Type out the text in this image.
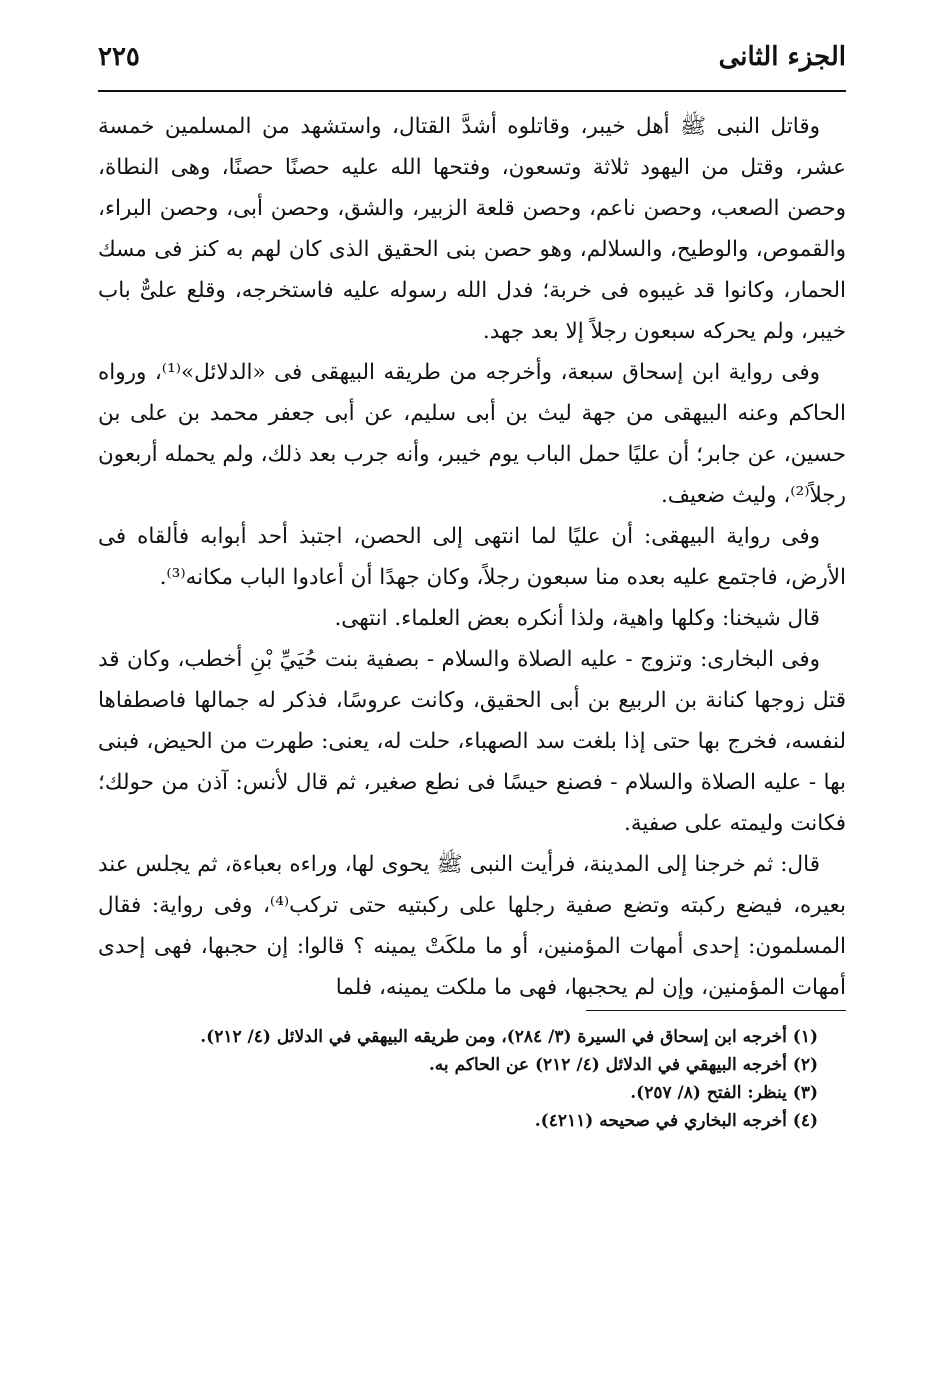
الجزء الثانى
٢٢٥

وقاتل النبى ﷺ أهل خيبر، وقاتلوه أشدَّ القتال، واستشهد من المسلمين خمسة عشر، وقتل من اليهود ثلاثة وتسعون، وفتحها الله عليه حصنًا حصنًا، وهى النطاة، وحصن الصعب، وحصن ناعم، وحصن قلعة الزبير، والشق، وحصن أبى، وحصن البراء، والقموص، والوطيح، والسلالم، وهو حصن بنى الحقيق الذى كان لهم به كنز فى مسك الحمار، وكانوا قد غيبوه فى خربة؛ فدل الله رسوله عليه فاستخرجه، وقلع علىٌّ باب خيبر، ولم يحركه سبعون رجلاً إلا بعد جهد.

وفى رواية ابن إسحاق سبعة، وأخرجه من طريقه البيهقى فى «الدلائل»⁽¹⁾، ورواه الحاكم وعنه البيهقى من جهة ليث بن أبى سليم، عن أبى جعفر محمد بن على بن حسين، عن جابر؛ أن عليًا حمل الباب يوم خيبر، وأنه جرب بعد ذلك، ولم يحمله أربعون رجلاً⁽²⁾، وليث ضعيف.

وفى رواية البيهقى: أن عليًا لما انتهى إلى الحصن، اجتبذ أحد أبوابه فألقاه فى الأرض، فاجتمع عليه بعده منا سبعون رجلاً، وكان جهدًا أن أعادوا الباب مكانه⁽³⁾.

قال شيخنا: وكلها واهية، ولذا أنكره بعض العلماء. انتهى.

وفى البخارى: وتزوج - عليه الصلاة والسلام - بصفية بنت حُيَيِّ بْنِ أخطب، وكان قد قتل زوجها كنانة بن الربيع بن أبى الحقيق، وكانت عروسًا، فذكر له جمالها فاصطفاها لنفسه، فخرج بها حتى إذا بلغت سد الصهباء، حلت له، يعنى: طهرت من الحيض، فبنى بها - عليه الصلاة والسلام - فصنع حيسًا فى نطع صغير، ثم قال لأنس: آذن من حولك؛ فكانت وليمته على صفية.

قال: ثم خرجنا إلى المدينة، فرأيت النبى ﷺ يحوى لها، وراءه بعباءة، ثم يجلس عند بعيره، فيضع ركبته وتضع صفية رجلها على ركبتيه حتى تركب⁽⁴⁾، وفى رواية: فقال المسلمون: إحدى أمهات المؤمنين، أو ما ملكَتْ يمينه ؟ قالوا: إن حجبها، فهى إحدى أمهات المؤمنين، وإن لم يحجبها، فهى ما ملكت يمينه، فلما

(١) أخرجه ابن إسحاق في السيرة (٣/ ٢٨٤)، ومن طريقه البيهقي في الدلائل (٤/ ٢١٢).

(٢) أخرجه البيهقي في الدلائل (٤/ ٢١٢) عن الحاكم به.

(٣) ينظر: الفتح (٨/ ٢٥٧).

(٤) أخرجه البخاري في صحيحه (٤٢١١).
